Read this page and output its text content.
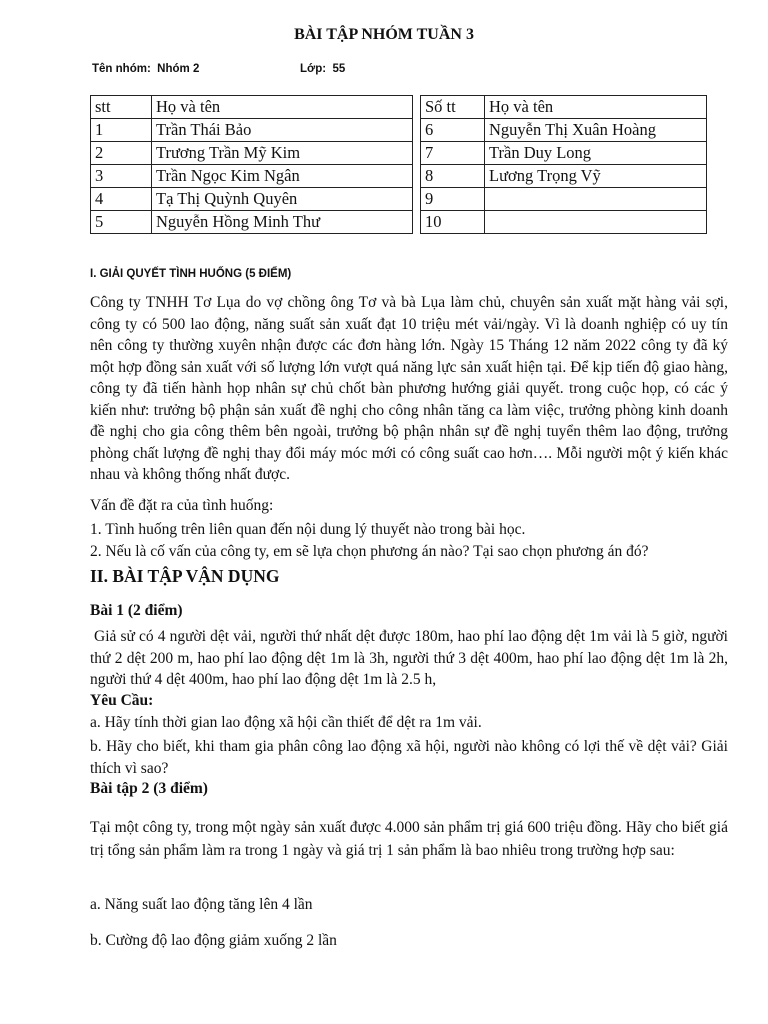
BÀI TẬP NHÓM TUẦN 3
Tên nhóm: Nhóm 2	Lớp: 55
stt	Họ và tên
1	Trần Thái Bảo
2	Trương Trần Mỹ Kim
3	Trần Ngọc Kim Ngân
4	Tạ Thị Quỳnh Quyên
5	Nguyễn Hồng Minh Thư
Số tt	Họ và tên
6	Nguyễn Thị Xuân Hoàng
7	Trần Duy Long
8	Lương Trọng Vỹ
9	
10	
I. GIẢI QUYẾT TÌNH HUỐNG (5 ĐIỂM)

Công ty TNHH Tơ Lụa do vợ chồng ông Tơ và bà Lụa làm chủ, chuyên sản xuất mặt hàng vải sợi, công ty có 500 lao động, năng suất sản xuất đạt 10 triệu mét vải/ngày. Vì là doanh nghiệp có uy tín nên công ty thường xuyên nhận được các đơn hàng lớn. Ngày 15 Tháng 12 năm 2022 công ty đã ký một hợp đồng sản xuất với số lượng lớn vượt quá năng lực sản xuất hiện tại. Để kịp tiến độ giao hàng, công ty đã tiến hành họp nhân sự chủ chốt bàn phương hướng giải quyết. trong cuộc họp, có các ý kiến như: trưởng bộ phận sản xuất đề nghị cho công nhân tăng ca làm việc, trưởng phòng kinh doanh đề nghị cho gia công thêm bên ngoài, trưởng bộ phận nhân sự đề nghị tuyển thêm lao động, trưởng phòng chất lượng đề nghị thay đổi máy móc mới có công suất cao hơn…. Mỗi người một ý kiến khác nhau và không thống nhất được.

Vấn đề đặt ra của tình huống:

1. Tình huống trên liên quan đến nội dung lý thuyết nào trong bài học.

2. Nếu là cố vấn của công ty, em sẽ lựa chọn phương án nào? Tại sao chọn phương án đó?

II. BÀI TẬP VẬN DỤNG

Bài 1 (2 điểm)

Giả sử có 4 người dệt vải, người thứ nhất dệt được 180m, hao phí lao động dệt 1m vải là 5 giờ, người thứ 2 dệt 200 m, hao phí lao động dệt 1m là 3h, người thứ 3 dệt 400m, hao phí lao động dệt 1m là 2h, người thứ 4 dệt 400m, hao phí lao động dệt 1m là 2.5 h,

Yêu Cầu:

a. Hãy tính thời gian lao động xã hội cần thiết để dệt ra 1m vải.

b. Hãy cho biết, khi tham gia phân công lao động xã hội, người nào không có lợi thế về dệt vải? Giải thích vì sao?

Bài tập 2 (3 điểm)

Tại một công ty, trong một ngày sản xuất được 4.000 sản phẩm trị giá 600 triệu đồng. Hãy cho biết giá trị tổng sản phẩm làm ra trong 1 ngày và giá trị 1 sản phẩm là bao nhiêu trong trường hợp sau:

a. Năng suất lao động tăng lên 4 lần

b. Cường độ lao động giảm xuống 2 lần
